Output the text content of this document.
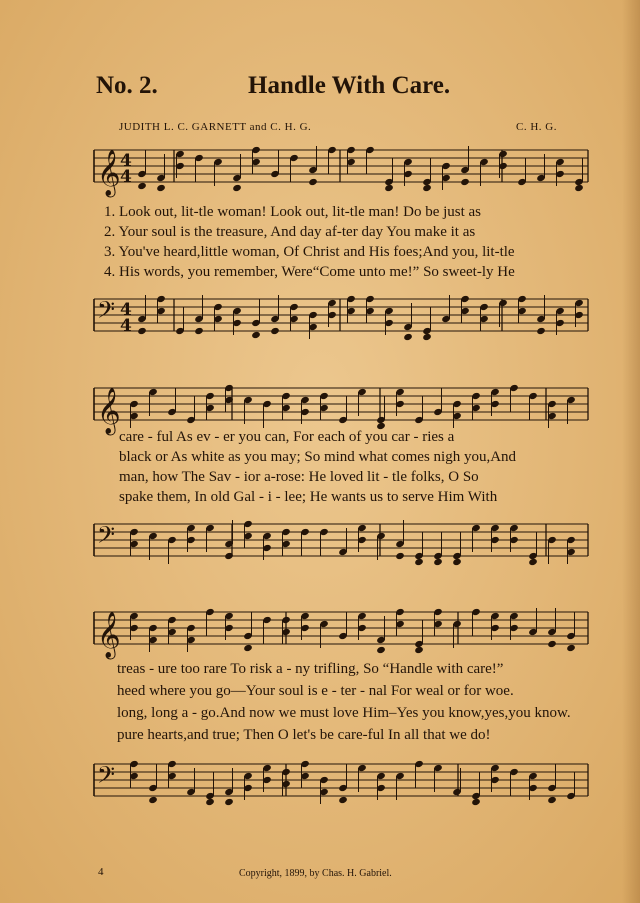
No. 2.	Handle With Care.
JUDITH L. C. GARNETT and C. H. G.	C. H. G.
𝄞 4
4
1. Look out, lit-tle woman! Look out, lit-tle man! Do be just as
2. Your soul is the treasure, And day af-ter day You make it as
3. You've heard,little woman, Of Christ and His foes;And you, lit-tle
4. His words, you remember, Were“Come unto me!” So sweet-ly He
𝄢 4
4
𝄞
care - ful As ev - er you can, For each of you car - ries a
black or As white as you may; So mind what comes nigh you,And
man, how The Sav - ior a-rose: He loved lit - tle folks, O So
spake them, In old Gal - i - lee; He wants us to serve Him With
𝄢
𝄞
treas - ure too rare To risk a - ny trifling, So “Handle with care!”
heed where you go—Your soul is e - ter - nal For weal or for woe.
long, long a - go.And now we must love Him–Yes you know,yes,you know.
pure hearts,and true; Then O let's be care-ful In all that we do!
𝄢
4	Copyright, 1899, by Chas. H. Gabriel.
